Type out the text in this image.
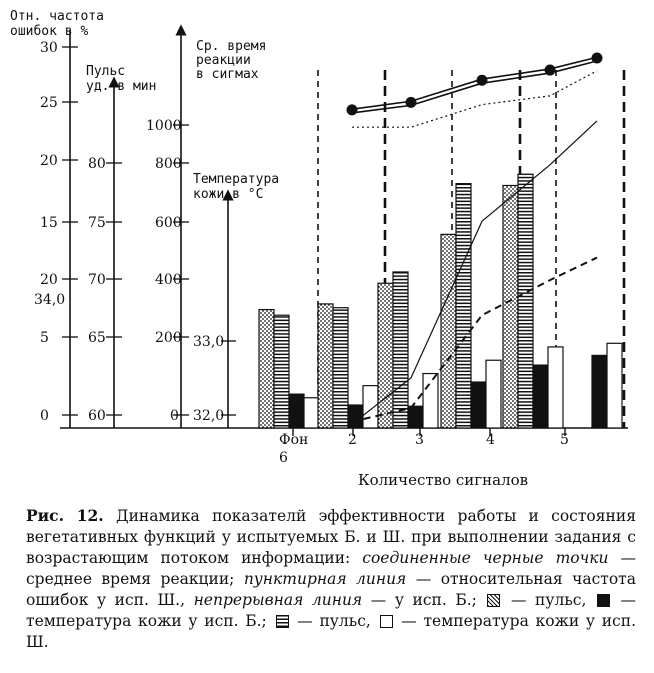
Отн. частота
ошибок в %
Пульс
уд. в мин
Ср. время
реакции
в сигмах
Температура
кожи в °С
30
25
20
15
20
5
0
80
75
70
65
60
1000
800
600
400
200
0
34,0
33,0
32,0
Фон	2	3	4	5
6
Количество сигналов
Рис. 12. Динамика показателй эффективности работы и состояния вегетативных функций у испытуемых Б. и Ш. при выполнении задания с возрастающим потоком информации: соединенные черные точки — среднее время реакции; пунктирная линия — относительная частота ошибок у исп. Ш., непрерывная линия — у исп. Б.;  — пульс,  — температура кожи у исп. Б.;  — пульс,  — температура кожи у исп. Ш.
